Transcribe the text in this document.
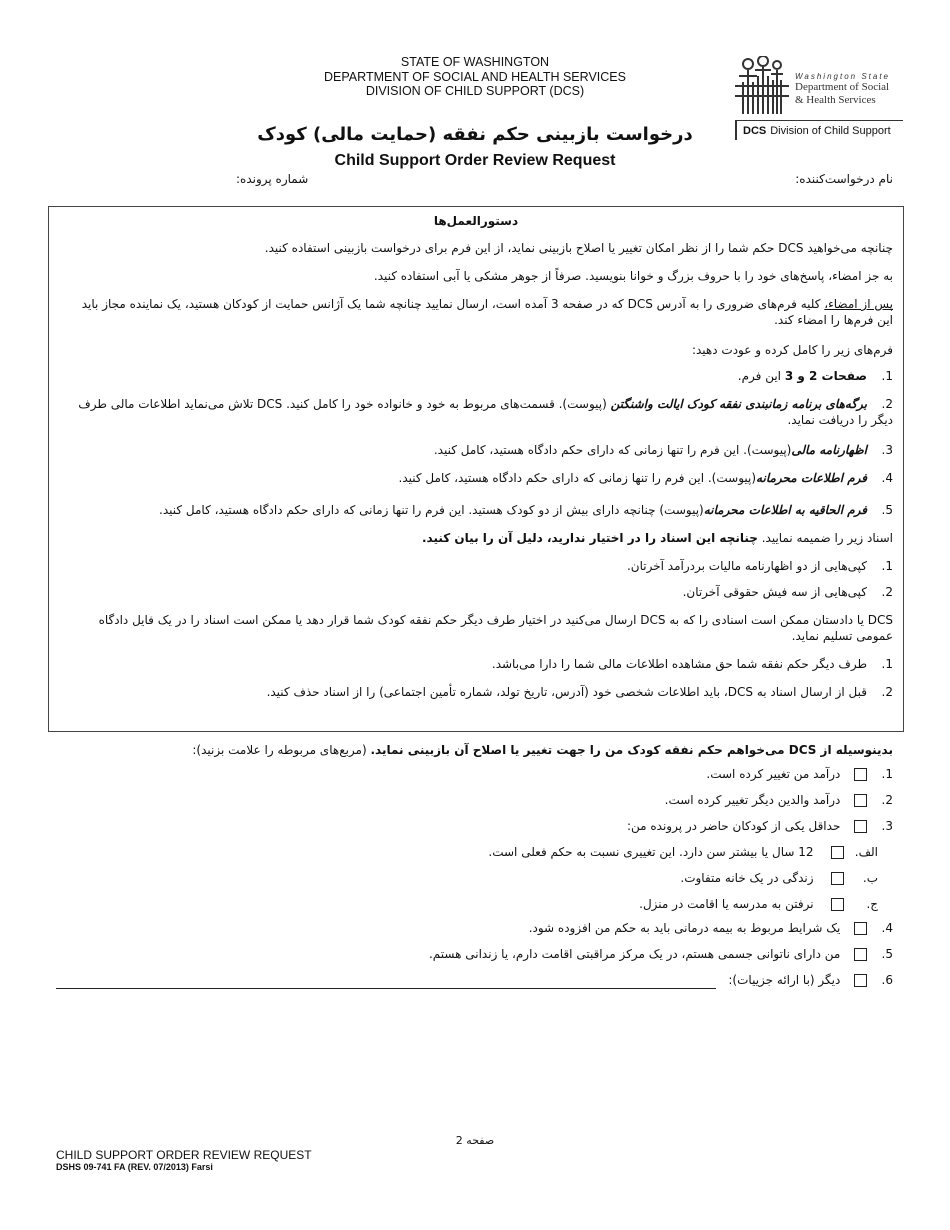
STATE OF WASHINGTON
DEPARTMENT OF SOCIAL AND HEALTH SERVICES
DIVISION OF CHILD SUPPORT (DCS)
Washington State
Department of Social
& Health Services
DCS Division of Child Support
درخواست بازبینی حکم نفقه (حمایت مالی) کودک
Child Support Order Review Request
نام درخواست‌کننده:
شماره پرونده:
دستورالعمل‌ها
چنانچه می‌خواهید DCS حکم شما را از نظر امکان تغییر یا اصلاح بازبینی نماید، از این فرم برای درخواست بازبینی استفاده کنید.
به جز امضاء، پاسخ‌های خود را با حروف بزرگ و خوانا بنویسید. صرفاً از جوهر مشکی یا آبی استفاده کنید.
پس از امضاء، کلیه فرم‌های ضروری را به آدرس DCS که در صفحه 3 آمده است، ارسال نمایید چنانچه شما یک آژانس حمایت از کودکان هستید، یک نماینده مجاز باید این فرم‌ها را امضاء کند.
فرم‌های زیر را کامل کرده و عودت دهید:
1.صفحات 2 و 3 این فرم.
2.برگه‌های برنامه زمانبندی نفقه کودک ایالت واشنگتن (پیوست). قسمت‌های مربوط به خود و خانواده خود را کامل کنید. DCS تلاش می‌نماید اطلاعات مالی طرف دیگر را دریافت نماید.
3.اظهارنامه مالی(پیوست). این فرم را تنها زمانی که دارای حکم دادگاه هستید، کامل کنید.
4.فرم اطلاعات محرمانه(پیوست). این فرم را تنها زمانی که دارای حکم دادگاه هستید، کامل کنید.
5.فرم الحاقیه به اطلاعات محرمانه(پیوست) چنانچه دارای بیش از دو کودک هستید. این فرم را تنها زمانی که دارای حکم دادگاه هستید، کامل کنید.
اسناد زیر را ضمیمه نمایید. چنانچه این اسناد را در اختیار ندارید، دلیل آن را بیان کنید.
1.کپی‌هایی از دو اظهارنامه مالیات بردرآمد آخرتان.
2.کپی‌هایی از سه فیش حقوقی آخرتان.
DCS یا دادستان ممکن است اسنادی را که به DCS ارسال می‌کنید در اختیار طرف دیگر حکم نفقه کودک شما قرار دهد یا ممکن است اسناد را در یک فایل دادگاه عمومی تسلیم نماید.
1.طرف دیگر حکم نفقه شما حق مشاهده اطلاعات مالی شما را دارا می‌باشد.
2.قبل از ارسال اسناد به DCS، باید اطلاعات شخصی خود (آدرس، تاریخ تولد، شماره تأمین اجتماعی) را از اسناد حذف کنید.
بدینوسیله از DCS می‌خواهم حکم نفقه کودک من را جهت تغییر یا اصلاح آن بازبینی نماید. (مربع‌های مربوطه را علامت بزنید):
1.  درآمد من تغییر کرده است.
2.  درآمد والدین دیگر تغییر کرده است.
3.  حداقل یکی از کودکان حاضر در پرونده من:
الف.   12 سال یا بیشتر سن دارد. این تغییری نسبت به حکم فعلی است.
ب.   زندگی در یک خانه متفاوت.
ج.   نرفتن به مدرسه یا اقامت در منزل.
4.  یک شرایط مربوط به بیمه درمانی باید به حکم من افزوده شود.
5.  من دارای ناتوانی جسمی هستم، در یک مرکز مراقبتی اقامت دارم، یا زندانی هستم.
6.  دیگر (با ارائه جزییات):
صفحه 2
CHILD SUPPORT ORDER REVIEW REQUEST
DSHS 09-741 FA (REV. 07/2013) Farsi
